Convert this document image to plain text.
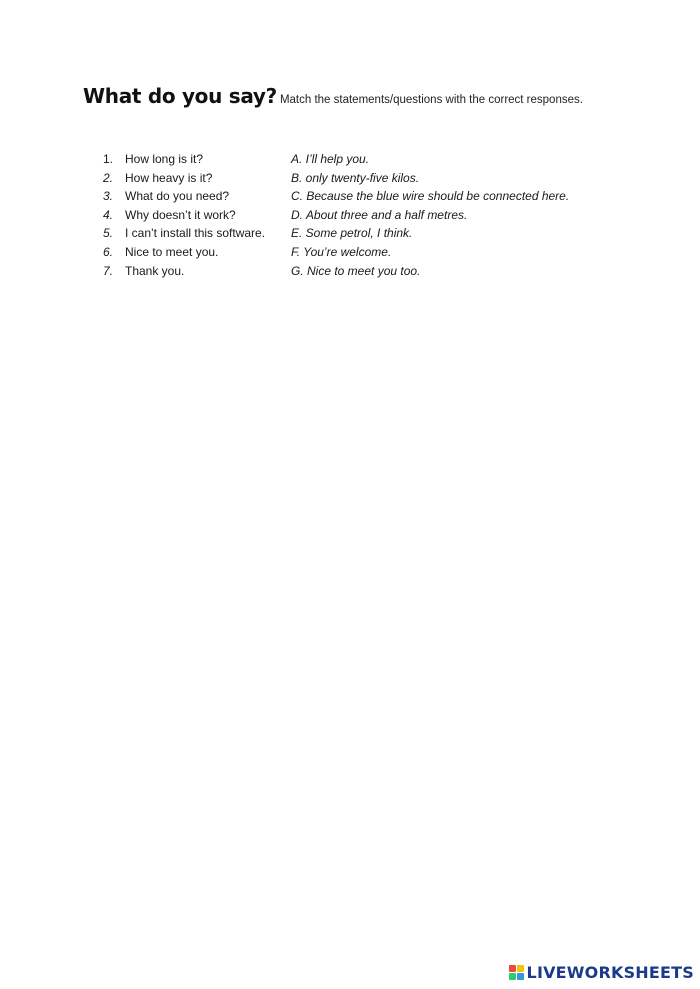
What do you say? Match the statements/questions with the correct responses.
1. How long is it?	A. I’ll help you.
2. How heavy is it?	B. only twenty-five kilos.
3. What do you need?	C. Because the blue wire should be connected here.
4. Why doesn’t it work?	D. About three and a half metres.
5. I can’t install this software. E. Some petrol, I think.
6. Nice to meet you.	F. You’re welcome.
7. Thank you.	G. Nice to meet you too.
LIVEWORKSHEETS
